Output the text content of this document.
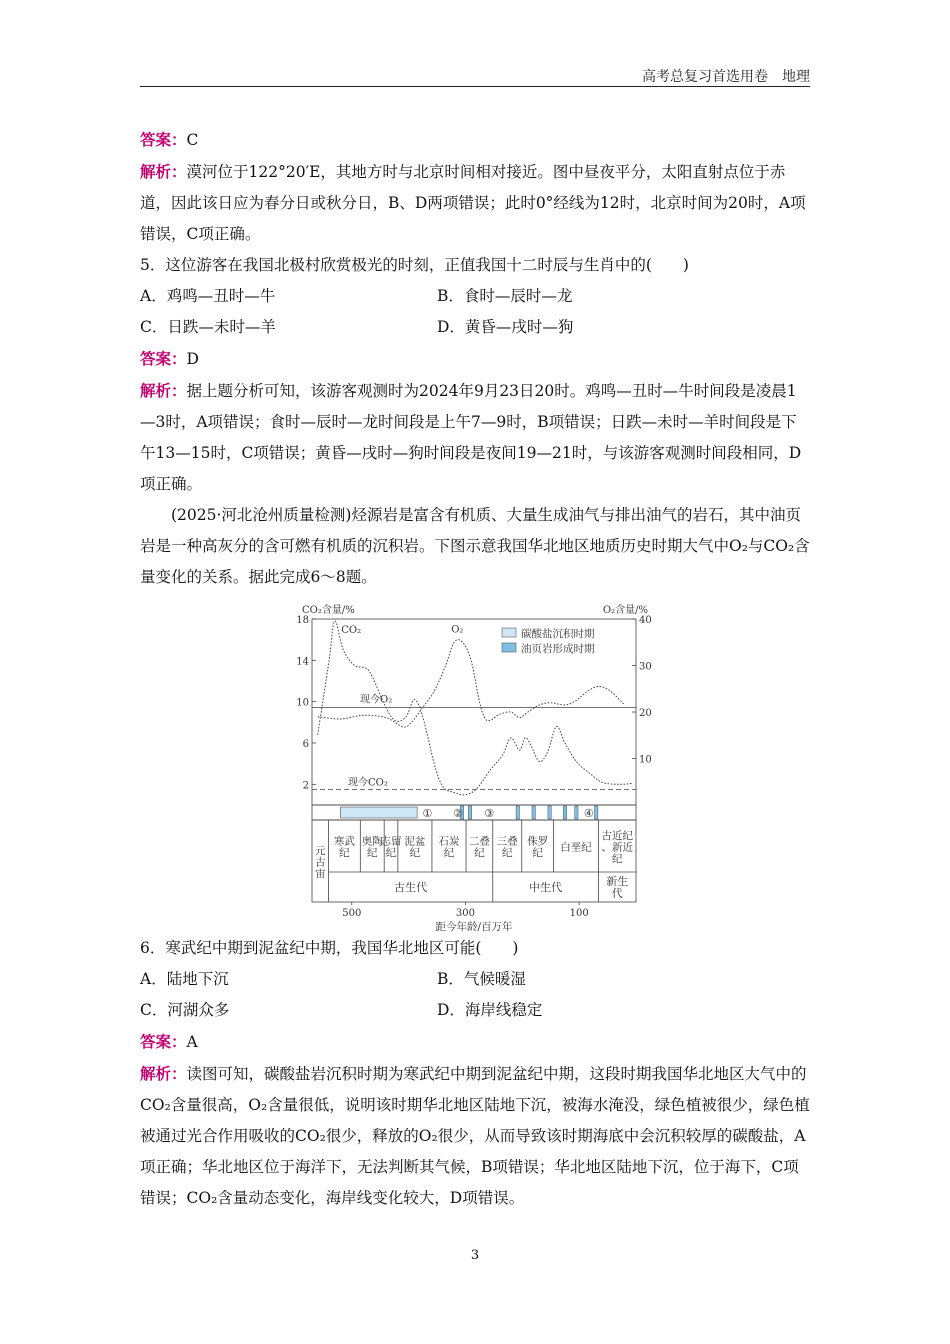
高考总复习首选用卷　地理

答案：C

解析：漠河位于122°20′E，其地方时与北京时间相对接近。图中昼夜平分，太阳直射点位于赤道，因此该日应为春分日或秋分日，B、D两项错误；此时0°经线为12时，北京时间为20时，A项错误，C项正确。

5．这位游客在我国北极村欣赏极光的时刻，正值我国十二时辰与生肖中的(　　)

A．鸡鸣—丑时—牛	B．食时—辰时—龙
C．日跌—未时—羊	D．黄昏—戌时—狗

答案：D

解析：据上题分析可知，该游客观测时为2024年9月23日20时。鸡鸣—丑时—牛时间段是凌晨1—3时，A项错误；食时—辰时—龙时间段是上午7—9时，B项错误；日跌—未时—羊时间段是下午13—15时，C项错误；黄昏—戌时—狗时间段是夜间19—21时，与该游客观测时间段相同，D项正确。

(2025·河北沧州质量检测)烃源岩是富含有机质、大量生成油气与排出油气的岩石，其中油页岩是一种高灰分的含可燃有机质的沉积岩。下图示意我国华北地区地质历史时期大气中O₂与CO₂含量变化的关系。据此完成6～8题。

CO₂含量/%	O₂含量/%
18
14
10
6
2
40
30
20
10
现今O₂
现今CO₂
CO₂	O₂	碳酸盐沉积时期
油页岩形成时期
① ② ③	④
元古宙
寒武纪
奥陶纪
志留纪
泥盆纪
石炭纪
二叠纪
三叠纪
侏罗纪	白垩纪
古近纪、新近纪
古生代	中生代	新生代
500	300	100
距今年龄/百万年

6．寒武纪中期到泥盆纪中期，我国华北地区可能(　　)

A．陆地下沉	B．气候暖湿
C．河湖众多	D．海岸线稳定

答案：A

解析：读图可知，碳酸盐岩沉积时期为寒武纪中期到泥盆纪中期，这段时期我国华北地区大气中的CO₂含量很高，O₂含量很低，说明该时期华北地区陆地下沉，被海水淹没，绿色植被很少，绿色植被通过光合作用吸收的CO₂很少，释放的O₂很少，从而导致该时期海底中会沉积较厚的碳酸盐，A项正确；华北地区位于海洋下，无法判断其气候，B项错误；华北地区陆地下沉，位于海下，C项错误；CO₂含量动态变化，海岸线变化较大，D项错误。

3
